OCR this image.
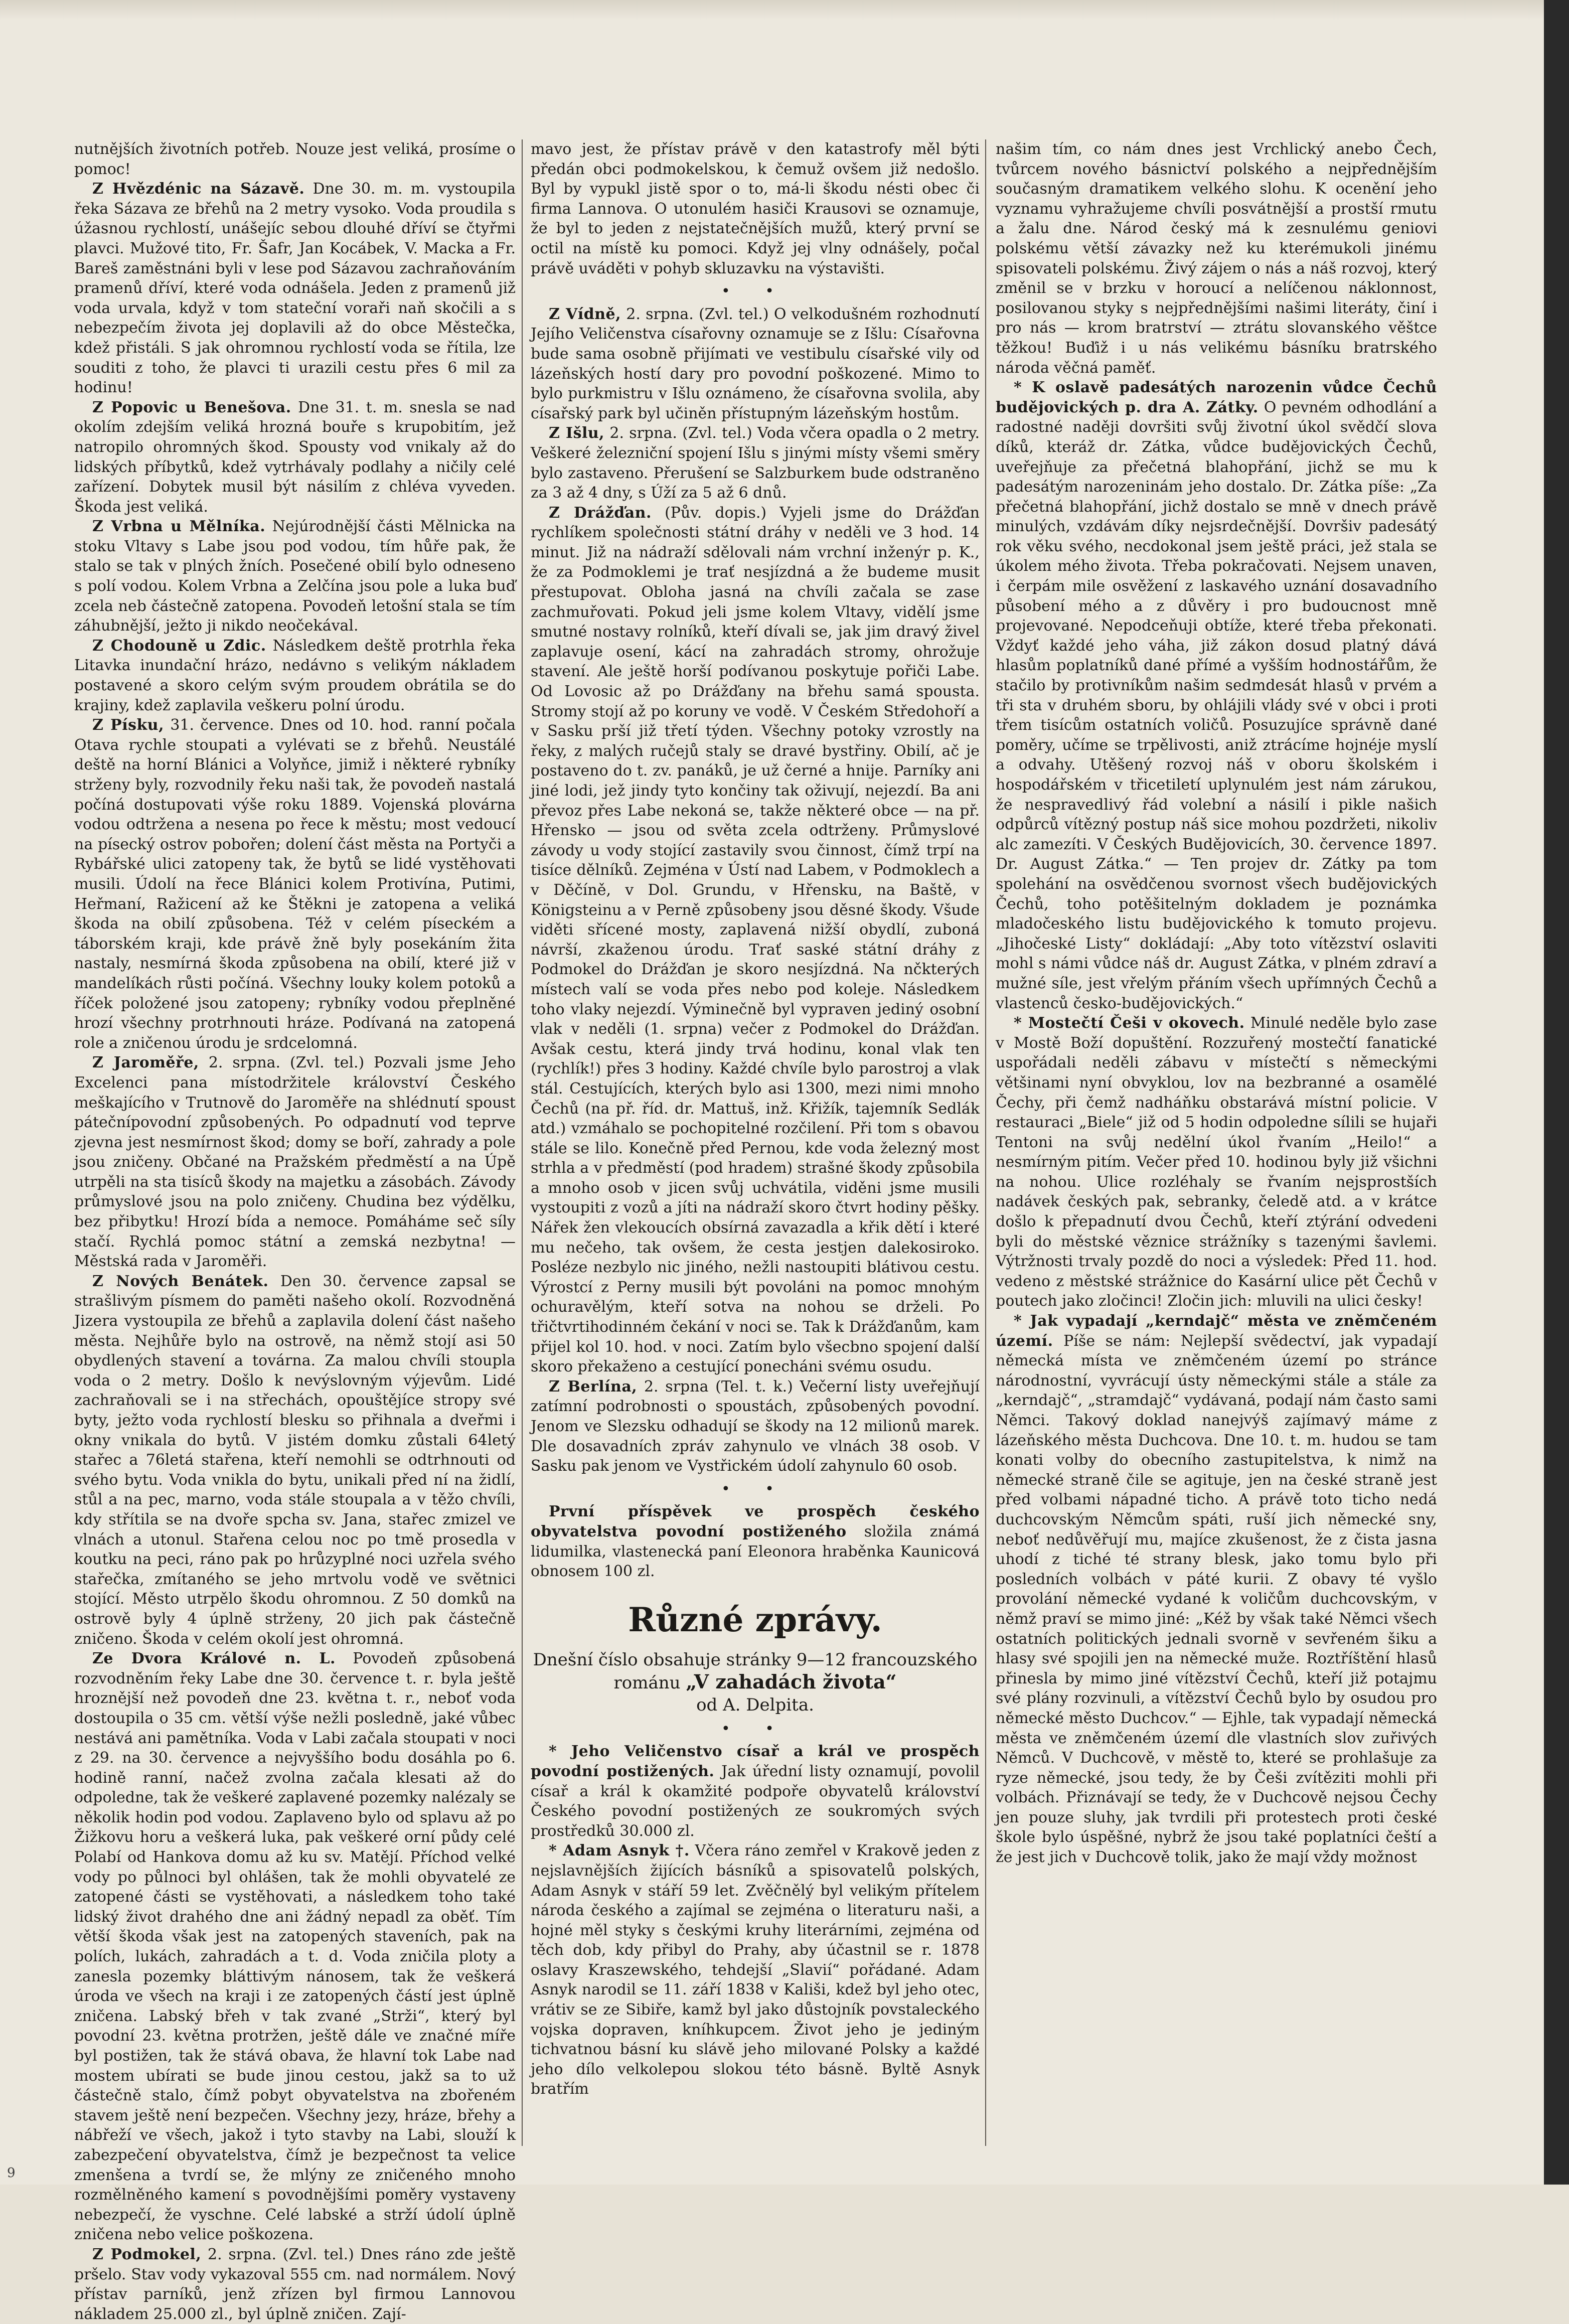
nutnějších životních potřeb. Nouze jest veliká, prosíme o pomoc!

Z Hvězdénic na Sázavě. Dne 30. m. m. vystoupila řeka Sázava ze břehů na 2 metry vysoko. Voda proudila s úžasnou rychlostí, unášejíc sebou dlouhé dříví se čtyřmi plavci. Mužové tito, Fr. Šafr, Jan Kocábek, V. Macka a Fr. Bareš zaměstnáni byli v lese pod Sázavou zachraňováním pramenů dříví, které voda odnášela. Jeden z pramenů již voda urvala, když v tom stateční voraři naň skočili a s nebezpečím života jej doplavili až do obce Městečka, kdež přistáli. S jak ohromnou rychlostí voda se řítila, lze souditi z toho, že plavci ti urazili cestu přes 6 mil za hodinu!

Z Popovic u Benešova. Dne 31. t. m. snesla se nad okolím zdejším veliká hrozná bouře s krupobitím, jež natropilo ohromných škod. Spousty vod vnikaly až do lidských příbytků, kdež vytrhávaly podlahy a ničily celé zařízení. Dobytek musil být násilím z chléva vyveden. Škoda jest veliká.

Z Vrbna u Mělníka. Nejúrodnější části Mělnicka na stoku Vltavy s Labe jsou pod vodou, tím hůře pak, že stalo se tak v plných žních. Posečené obilí bylo odneseno s polí vodou. Kolem Vrbna a Zelčína jsou pole a luka buď zcela neb částečně zatopena. Povodeň letošní stala se tím záhubnější, ježto ji nikdo neočekával.

Z Chodouně u Zdic. Následkem deště protrhla řeka Litavka inundační hrázo, nedávno s velikým nákladem postavené a skoro celým svým proudem obrátila se do krajiny, kdež zaplavila veškeru polní úrodu.

Z Písku, 31. července. Dnes od 10. hod. ranní počala Otava rychle stoupati a vylévati se z břehů. Neustálé deště na horní Blánici a Volyňce, jimiž i některé rybníky strženy byly, rozvodnily řeku naši tak, že povodeň nastalá počíná dostupovati výše roku 1889. Vojenská plovárna vodou odtržena a nesena po řece k městu; most vedoucí na písecký ostrov pobořen; dolení část města na Portyči a Rybářské ulici zatopeny tak, že bytů se lidé vystěhovati musili. Údolí na řece Blánici kolem Protivína, Putimi, Heřmaní, Ražicení až ke Štěkni je zatopena a veliká škoda na obilí způsobena. Též v celém píseckém a táborském kraji, kde právě žně byly posekáním žita nastaly, nesmírná škoda způsobena na obilí, které již v mandelíkách růsti počíná. Všechny louky kolem potoků a říček položené jsou zatopeny; rybníky vodou přeplněné hrozí všechny protrhnouti hráze. Podívaná na zatopená role a zničenou úrodu je srdcelomná.

Z Jaroměře, 2. srpna. (Zvl. tel.) Pozvali jsme Jeho Excelenci pana místodržitele království Českého meškajícího v Trutnově do Jaroměře na shlédnutí spoust pátečnípovodní způsobených. Po odpadnutí vod teprve zjevna jest nesmírnost škod; domy se boří, zahrady a pole jsou zničeny. Občané na Pražském předměstí a na Úpě utrpěli na sta tisíců škody na majetku a zásobách. Závody průmyslové jsou na polo zničeny. Chudina bez výdělku, bez přibytku! Hrozí bída a nemoce. Pomáháme seč síly stačí. Rychlá pomoc státní a zemská nezbytna! — Městská rada v Jaroměři.

Z Nových Benátek. Den 30. července zapsal se strašlivým písmem do paměti našeho okolí. Rozvodněná Jizera vystoupila ze břehů a zaplavila dolení část našeho města. Nejhůře bylo na ostrově, na němž stojí asi 50 obydlených stavení a továrna. Za malou chvíli stoupla voda o 2 metry. Došlo k nevýslovným výjevům. Lidé zachraňovali se i na střechách, opouštějíce stropy své byty, ježto voda rychlostí blesku so přihnala a dveřmi i okny vnikala do bytů. V jistém domku zůstali 64letý stařec a 76letá stařena, kteří nemohli se odtrhnouti od svého bytu. Voda vnikla do bytu, unikali před ní na židlí, stůl a na pec, marno, voda stále stoupala a v těžo chvíli, kdy střítila se na dvoře spcha sv. Jana, stařec zmizel ve vlnách a utonul. Stařena celou noc po tmě prosedla v koutku na peci, ráno pak po hrůzyplné noci uzřela svého stařečka, zmítaného se jeho mrtvolu vodě ve světnici stojící. Město utrpělo škodu ohromnou. Z 50 domků na ostrově byly 4 úplně strženy, 20 jich pak částečně zničeno. Škoda v celém okolí jest ohromná.

Ze Dvora Králové n. L. Povodeň způsobená rozvodněním řeky Labe dne 30. července t. r. byla ještě hroznější než povodeň dne 23. května t. r., neboť voda dostoupila o 35 cm. větší výše nežli posledně, jaké vůbec nestává ani pamětníka. Voda v Labi začala stoupati v noci z 29. na 30. července a nejvyššího bodu dosáhla po 6. hodině ranní, načež zvolna začala klesati až do odpoledne, tak že veškeré zaplavené pozemky nalézaly se několik hodin pod vodou. Zaplaveno bylo od splavu až po Žižkovu horu a veškerá luka, pak veškeré orní půdy celé Polabí od Hankova domu až ku sv. Matějí. Příchod velké vody po půlnoci byl ohlášen, tak že mohli obyvatelé ze zatopené části se vystěhovati, a následkem toho také lidský život drahého dne ani žádný nepadl za oběť. Tím větší škoda však jest na zatopených staveních, pak na polích, lukách, zahradách a t. d. Voda zničila ploty a zanesla pozemky bláttivým nánosem, tak že veškerá úroda ve všech na kraji i ze zatopených částí jest úplně zničena. Labský břeh v tak zvané „Strži“, který byl povodní 23. května protržen, ještě dále ve značné míře byl postižen, tak že stává obava, že hlavní tok Labe nad mostem ubírati se bude jinou cestou, jakž sa to už částečně stalo, čímž pobyt obyvatelstva na zbořeném stavem ještě není bezpečen. Všechny jezy, hráze, břehy a nábřeží ve všech, jakož i tyto stavby na Labi, slouží k zabezpečení obyvatelstva, čímž je bezpečnost ta velice zmenšena a tvrdí se, že mlýny ze zničeného mnoho rozmělněného kamení s povodnějšími poměry vystaveny nebezpečí, že vyschne. Celé labské a strží údolí úplně zničena nebo velice poškozena.

Z Podmokel, 2. srpna. (Zvl. tel.) Dnes ráno zde ještě pršelo. Stav vody vykazoval 555 cm. nad normálem. Nový přístav parníků, jenž zřízen byl firmou Lannovou nákladem 25.000 zl., byl úplně zničen. Zají-

mavo jest, že přístav právě v den katastrofy měl býti předán obci podmokelskou, k čemuž ovšem již nedošlo. Byl by vypukl jistě spor o to, má-li škodu nésti obec či firma Lannova. O utonulém hasiči Krausovi se oznamuje, že byl to jeden z nejstatečnějších mužů, který první se octil na místě ku pomoci. Když jej vlny odnášely, počal právě uváděti v pohyb skluzavku na výstavišti.

• •

Z Vídně, 2. srpna. (Zvl. tel.) O velkodušném rozhodnutí Jejího Veličenstva císařovny oznamuje se z Išlu: Císařovna bude sama osobně přijímati ve vestibulu císařské vily od lázeňských hostí dary pro povodní poškozené. Mimo to bylo purkmistru v Išlu oznámeno, že císařovna svolila, aby císařský park byl učiněn přístupným lázeňským hostům.

Z Išlu, 2. srpna. (Zvl. tel.) Voda včera opadla o 2 metry. Veškeré železniční spojení Išlu s jinými místy všemi směry bylo zastaveno. Přerušení se Salzburkem bude odstraněno za 3 až 4 dny, s Úží za 5 až 6 dnů.

Z Drážďan. (Pův. dopis.) Vyjeli jsme do Drážďan rychlíkem společnosti státní dráhy v neděli ve 3 hod. 14 minut. Již na nádraží sdělovali nám vrchní inženýr p. K., že za Podmoklemi je trať nesjízdná a že budeme musit přestupovat. Obloha jasná na chvíli začala se zase zachmuřovati. Pokud jeli jsme kolem Vltavy, vidělí jsme smutné nostavy rolníků, kteří dívali se, jak jim dravý živel zaplavuje osení, kácí na zahradách stromy, ohrožuje stavení. Ale ještě horší podívanou poskytuje pořiči Labe. Od Lovosic až po Drážďany na břehu samá spousta. Stromy stojí až po koruny ve vodě. V Českém Středohoří a v Sasku prší již třetí týden. Všechny potoky vzrostly na řeky, z malých ručejů staly se dravé bystřiny. Obilí, ač je postaveno do t. zv. panáků, je už černé a hnije. Parníky ani jiné lodi, jež jindy tyto končiny tak oživují, nejezdí. Ba ani převoz přes Labe nekoná se, takže některé obce — na př. Hřensko — jsou od světa zcela odtrženy. Průmyslové závody u vody stojící zastavily svou činnost, čímž trpí na tisíce dělníků. Zejména v Ústí nad Labem, v Podmoklech a v Děčíně, v Dol. Grundu, v Hřensku, na Baště, v Königsteinu a v Perně způsobeny jsou děsné škody. Všude viděti sřícené mosty, zaplavená nižší obydlí, zuboná návrší, zkaženou úrodu. Trať saské státní dráhy z Podmokel do Drážďan je skoro nesjízdná. Na nčkterých místech valí se voda přes nebo pod koleje. Následkem toho vlaky nejezdí. Výminečně byl vypraven jediný osobní vlak v neděli (1. srpna) večer z Podmokel do Drážďan. Avšak cestu, která jindy trvá hodinu, konal vlak ten (rychlík!) přes 3 hodiny. Každé chvíle bylo parostroj a vlak stál. Cestujících, kterých bylo asi 1300, mezi nimi mnoho Čechů (na př. říd. dr. Mattuš, inž. Křižík, tajemník Sedlák atd.) vzmáhalo se pochopitelné rozčilení. Při tom s obavou stále se lilo. Konečně před Pernou, kde voda železný most strhla a v předměstí (pod hradem) strašné škody způsobila a mnoho osob v jicen svůj uchvátila, viděni jsme musili vystoupiti z vozů a jíti na nádraží skoro čtvrt hodiny pěšky. Nářek žen vlekoucích obsírná zavazadla a křik dětí i které mu nečeho, tak ovšem, že cesta jestjen dalekosiroko. Posléze nezbylo nic jiného, nežli nastoupiti blátivou cestu. Výrostcí z Perny musili být povoláni na pomoc mnohým ochuravělým, kteří sotva na nohou se drželi. Po třičtvrtihodinném čekání v noci se. Tak k Drážďanům, kam přijel kol 10. hod. v noci. Zatím bylo všecbno spojení další skoro překaženo a cestující ponecháni svému osudu.

Z Berlína, 2. srpna (Tel. t. k.) Večerní listy uveřejňují zatímní podrobnosti o spoustách, způsobených povodní. Jenom ve Slezsku odhadují se škody na 12 milionů marek. Dle dosavadních zpráv zahynulo ve vlnách 38 osob. V Sasku pak jenom ve Vystřickém údolí zahynulo 60 osob.

• •

První příspěvek ve prospěch českého obyvatelstva povodní postiženého složila známá lidumilka, vlastenecká paní Eleonora hraběnka Kaunicová obnosem 100 zl.

Různé zprávy.

Dnešní číslo obsahuje stránky 9—12 francouzského románu „V zahadách života“
od A. Delpita.

• •

* Jeho Veličenstvo císař a král ve prospěch povodní postižených. Jak úřední listy oznamují, povolil císař a král k okamžité podpoře obyvatelů království Českého povodní postižených ze soukromých svých prostředků 30.000 zl.

* Adam Asnyk †. Včera ráno zemřel v Krakově jeden z nejslavnějších žijících básníků a spisovatelů polských, Adam Asnyk v stáří 59 let. Zvěčnělý byl velikým přítelem národa českého a zajímal se zejména o literaturu naši, a hojné měl styky s českými kruhy literárními, zejména od těch dob, kdy přibyl do Prahy, aby účastnil se r. 1878 oslavy Kraszewského, tehdejší „Slavií“ pořádané. Adam Asnyk narodil se 11. září 1838 v Kališi, kdež byl jeho otec, vrátiv se ze Sibiře, kamž byl jako důstojník povstaleckého vojska dopraven, kníhkupcem. Život jeho je jediným tichvatnou básní ku slávě jeho milované Polsky a každé jeho dílo velkolepou slokou této básně. Byltě Asnyk bratřím

našim tím, co nám dnes jest Vrchlický anebo Čech, tvůrcem nového básnictví polského a nejpřednějším současným dramatikem velkého slohu. K ocenění jeho vyznamu vyhražujeme chvíli posvátnější a prostší rmutu a žalu dne. Národ český má k zesnulému geniovi polskému větší závazky než ku kterémukoli jinému spisovateli polskému. Živý zájem o nás a náš rozvoj, který změnil se v brzku v horoucí a nelíčenou náklonnost, posilovanou styky s nejpřednějšími našimi literáty, činí i pro nás — krom bratrství — ztrátu slovanského věštce těžkou! Buďiž i u nás velikému básníku bratrského národa věčná paměť.

* K oslavě padesátých narozenin vůdce Čechů budějovických p. dra A. Zátky. O pevném odhodlání a radostné naději dovršiti svůj životní úkol svědčí slova díků, kteráž dr. Zátka, vůdce budějovických Čechů, uveřejňuje za přečetná blahopřání, jichž se mu k padesátým narozeninám jeho dostalo. Dr. Zátka píše: „Za přečetná blahopřání, jichž dostalo se mně v dnech právě minulých, vzdávám díky nejsrdečnější. Dovršiv padesátý rok věku svého, necdokonal jsem ještě práci, jež stala se úkolem mého života. Třeba pokračovati. Nejsem unaven, i čerpám mile osvěžení z laskavého uznání dosavadního působení mého a z důvěry i pro budoucnost mně projevované. Nepodceňuji obtíže, které třeba překonati. Vždyť každé jeho váha, již zákon dosud platný dává hlasům poplatníků dané přímé a vyšším hodnostářům, že stačilo by protivníkům našim sedmdesát hlasů v prvém a tři sta v druhém sboru, by ohlájili vlády své v obci i proti třem tisícům ostatních voličů. Posuzujíce správně dané poměry, učíme se trpělivosti, aniž ztrácíme hojnéje myslí a odvahy. Utěšený rozvoj náš v oboru školském i hospodářském v třicetiletí uplynulém jest nám zárukou, že nespravedlivý řád volební a násilí i pikle našich odpůrců vítězný postup náš sice mohou pozdržeti, nikoliv alc zamezíti. V Českých Budějovicích, 30. července 1897. Dr. August Zátka.“ — Ten projev dr. Zátky pa tom spolehání na osvědčenou svornost všech budějovických Čechů, toho potěšitelným dokladem je poznámka mladočeského listu budějovického k tomuto projevu. „Jihočeské Listy“ dokládají: „Aby toto vítězství oslaviti mohl s námi vůdce náš dr. August Zátka, v plném zdraví a mužné síle, jest vřelým přáním všech upřímných Čechů a vlastenců česko-budějovických.“

* Mostečtí Češi v okovech. Minulé neděle bylo zase v Mostě Boží dopuštění. Rozzuřený mostečtí fanatické uspořádali neděli zábavu v místečtí s německými většinami nyní obvyklou, lov na bezbranné a osamělé Čechy, při čemž nadháňku obstarává místní policie. V restauraci „Biele“ již od 5 hodin odpoledne sílili se hujaři Tentoni na svůj nedělní úkol řvaním „Heilo!“ a nesmírným pitím. Večer před 10. hodinou byly již všichni na nohou. Ulice rozléhaly se řvaním nejsprostších nadávek českých pak, sebranky, čeledě atd. a v krátce došlo k přepadnutí dvou Čechů, kteří ztýrání odvedeni byli do městské věznice strážníky s tazenými šavlemi. Výtržnosti trvaly pozdě do noci a výsledek: Před 11. hod. vedeno z městské strážnice do Kasární ulice pět Čechů v poutech jako zločinci! Zločin jich: mluvili na ulici česky!

* Jak vypadají „kerndajč“ města ve zněmčeném území. Píše se nám: Nejlepší svědectví, jak vypadají německá místa ve zněmčeném území po stránce národnostní, vyvrácují ústy německými stále a stále za „kerndajč“, „stramdajč“ vydávaná, podají nám často sami Němci. Takový doklad nanejvýš zajímavý máme z lázeňského města Duchcova. Dne 10. t. m. hudou se tam konati volby do obecního zastupitelstva, k nimž na německé straně čile se agituje, jen na české straně jest před volbami nápadné ticho. A právě toto ticho nedá duchcovským Němcům spáti, ruší jich německé sny, neboť nedůvěřují mu, majíce zkušenost, že z čista jasna uhodí z tiché té strany blesk, jako tomu bylo při posledních volbách v páté kurii. Z obavy té vyšlo provolání německé vydané k voličům duchcovským, v němž praví se mimo jiné: „Kéž by však také Němci všech ostatních politických jednali svorně v sevřeném šiku a hlasy své spojili jen na německé muže. Roztříštění hlasů přinesla by mimo jiné vítězství Čechů, kteří již potajmu své plány rozvinuli, a vítězství Čechů bylo by osudou pro německé město Duchcov.“ — Ejhle, tak vypadají německá města ve zněmčeném území dle vlastních slov zuřivých Němců. V Duchcově, v městě to, které se prohlašuje za ryze německé, jsou tedy, že by Češi zvítěziti mohli při volbách. Přiznávají se tedy, že v Duchcově nejsou Čechy jen pouze sluhy, jak tvrdili při protestech proti české škole bylo úspěšné, nybrž že jsou také poplatníci čeští a že jest jich v Duchcově tolik, jako že mají vždy možnost

9
